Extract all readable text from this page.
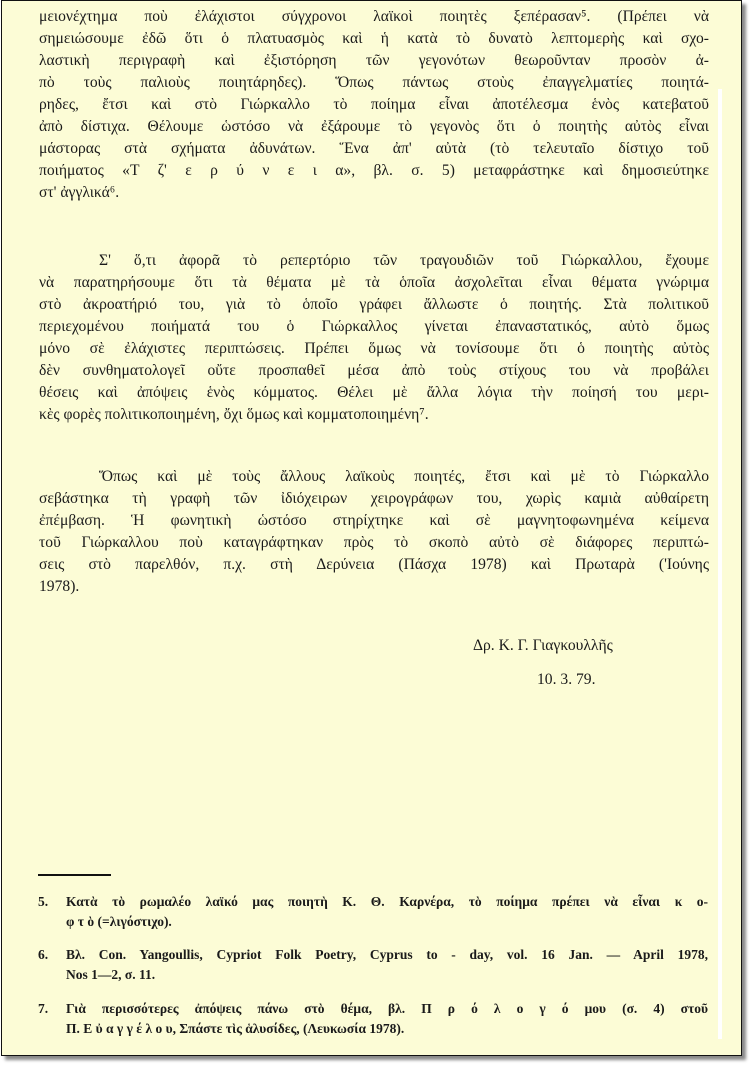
μειονέχτημα ποὺ ἐλάχιστοι σύγχρονοι λαϊκοὶ ποιητὲς ξεπέρασαν⁵. (Πρέπει νὰ
σημειώσουμε ἐδῶ ὅτι ὁ πλατυασμὸς καὶ ἡ κατὰ τὸ δυνατὸ λεπτομερὴς καὶ σχο-
λαστικὴ περιγραφὴ καὶ ἐξιστόρηση τῶν γεγονότων θεωροῦνταν προσὸν ἀ-
πὸ τοὺς παλιοὺς ποιητάρηδες). Ὅπως πάντως στοὺς ἐπαγγελματίες ποιητά-
ρηδες, ἔτσι καὶ στὸ Γιώρκαλλο τὸ ποίημα εἶναι ἀποτέλεσμα ἑνὸς κατεβατοῦ
ἀπὸ δίστιχα. Θέλουμε ὡστόσο νὰ ἐξάρουμε τὸ γεγονὸς ὅτι ὁ ποιητὴς αὐτὸς εἶναι
μάστορας στὰ σχήματα ἀδυνάτων. Ἕνα ἀπ' αὐτὰ (τὸ τελευταῖο δίστιχο τοῦ
ποιήματος «Τ ζ' ε ρ ύ ν ε ι α», βλ. σ. 5) μεταφράστηκε καὶ δημοσιεύτηκε
στ' ἀγγλικά⁶.
Σ' ὅ,τι ἀφορᾶ τὸ ρεπερτόριο τῶν τραγουδιῶν τοῦ Γιώρκαλλου, ἔχουμε
νὰ παρατηρήσουμε ὅτι τὰ θέματα μὲ τὰ ὁποῖα ἀσχολεῖται εἶναι θέματα γνώριμα
στὸ ἀκροατήριό του, γιὰ τὸ ὁποῖο γράφει ἄλλωστε ὁ ποιητής. Στὰ πολιτικοῦ
περιεχομένου ποιήματά του ὁ Γιώρκαλλος γίνεται ἐπαναστατικός, αὐτὸ ὅμως
μόνο σὲ ἐλάχιστες περιπτώσεις. Πρέπει ὅμως νὰ τονίσουμε ὅτι ὁ ποιητὴς αὐτὸς
δὲν συνθηματολογεῖ οὔτε προσπαθεῖ μέσα ἀπὸ τοὺς στίχους του νὰ προβάλει
θέσεις καὶ ἀπόψεις ἑνὸς κόμματος. Θέλει μὲ ἄλλα λόγια τὴν ποίησή του μερι-
κὲς φορὲς πολιτικοποιημένη, ὄχι ὅμως καὶ κομματοποιημένη⁷.
Ὅπως καὶ μὲ τοὺς ἄλλους λαϊκοὺς ποιητές, ἔτσι καὶ μὲ τὸ Γιώρκαλλο
σεβάστηκα τὴ γραφὴ τῶν ἰδιόχειρων χειρογράφων του, χωρὶς καμιὰ αὐθαίρετη
ἐπέμβαση. Ἡ φωνητικὴ ὡστόσο στηρίχτηκε καὶ σὲ μαγνητοφωνημένα κείμενα
τοῦ Γιώρκαλλου ποὺ καταγράφτηκαν πρὸς τὸ σκοπὸ αὐτὸ σὲ διάφορες περιπτώ-
σεις στὸ παρελθόν, π.χ. στὴ Δερύνεια (Πάσχα 1978) καὶ Πρωταρὰ ('Ιούνης
1978).
Δρ. Κ. Γ. Γιαγκουλλῆς
10. 3. 79.
5. Κατὰ τὸ ρωμαλέο λαϊκό μας ποιητὴ Κ. Θ. Καρνέρα, τὸ ποίημα πρέπει νὰ εἶναι κ ο-
φ τ ὸ (=λιγόστιχο).
6. Βλ. Con. Yangoullis, Cypriot Folk Poetry, Cyprus to - day, vol. 16 Jan. — April 1978,
Nos 1—2, σ. 11.
7. Γιὰ περισσότερες ἀπόψεις πάνω στὸ θέμα, βλ. Π ρ ό λ ο γ ό μου (σ. 4) στοῦ
Π. Ε ὐ α γ γ έ λ ο υ, Σπάστε τὶς ἁλυσίδες, (Λευκωσία 1978).
